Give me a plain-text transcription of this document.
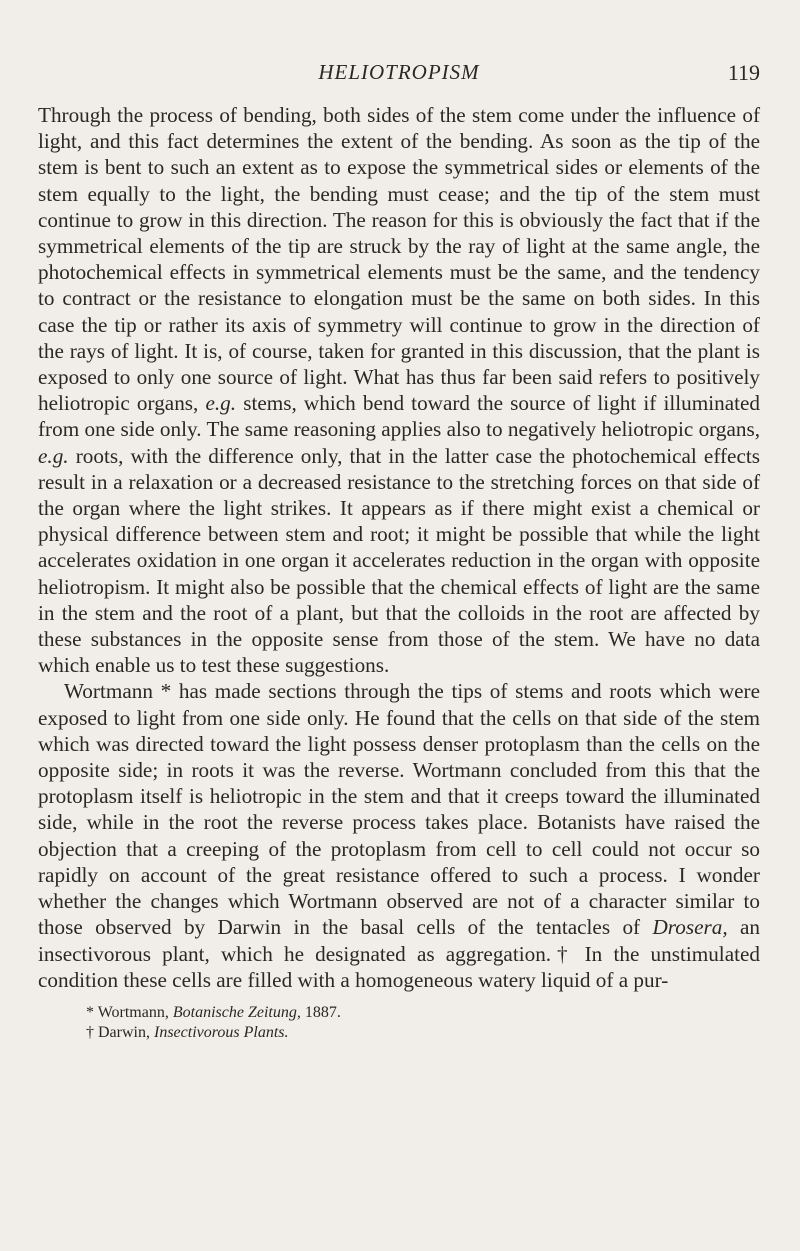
HELIOTROPISM	119

Through the process of bending, both sides of the stem come under the influence of light, and this fact determines the extent of the bending. As soon as the tip of the stem is bent to such an extent as to expose the symmetrical sides or elements of the stem equally to the light, the bending must cease; and the tip of the stem must continue to grow in this direction. The reason for this is obviously the fact that if the symmetrical elements of the tip are struck by the ray of light at the same angle, the photochemical effects in symmetrical elements must be the same, and the tendency to contract or the resistance to elongation must be the same on both sides. In this case the tip or rather its axis of symmetry will continue to grow in the direction of the rays of light. It is, of course, taken for granted in this discussion, that the plant is exposed to only one source of light. What has thus far been said refers to positively heliotropic organs, e.g. stems, which bend toward the source of light if illuminated from one side only. The same reasoning applies also to negatively heliotropic organs, e.g. roots, with the difference only, that in the latter case the photochemical effects result in a relaxation or a decreased resistance to the stretching forces on that side of the organ where the light strikes. It appears as if there might exist a chemical or physical difference between stem and root; it might be possible that while the light accelerates oxidation in one organ it accelerates reduction in the organ with opposite heliotropism. It might also be possible that the chemical effects of light are the same in the stem and the root of a plant, but that the colloids in the root are affected by these substances in the opposite sense from those of the stem. We have no data which enable us to test these suggestions.

Wortmann * has made sections through the tips of stems and roots which were exposed to light from one side only. He found that the cells on that side of the stem which was directed toward the light possess denser protoplasm than the cells on the opposite side; in roots it was the reverse. Wortmann concluded from this that the protoplasm itself is heliotropic in the stem and that it creeps toward the illuminated side, while in the root the reverse process takes place. Botanists have raised the objection that a creeping of the protoplasm from cell to cell could not occur so rapidly on account of the great resistance offered to such a process. I wonder whether the changes which Wortmann observed are not of a character similar to those observed by Darwin in the basal cells of the tentacles of Drosera, an insectivorous plant, which he designated as aggregation.† In the unstimulated condition these cells are filled with a homogeneous watery liquid of a pur-

* Wortmann, Botanische Zeitung, 1887.
† Darwin, Insectivorous Plants.
